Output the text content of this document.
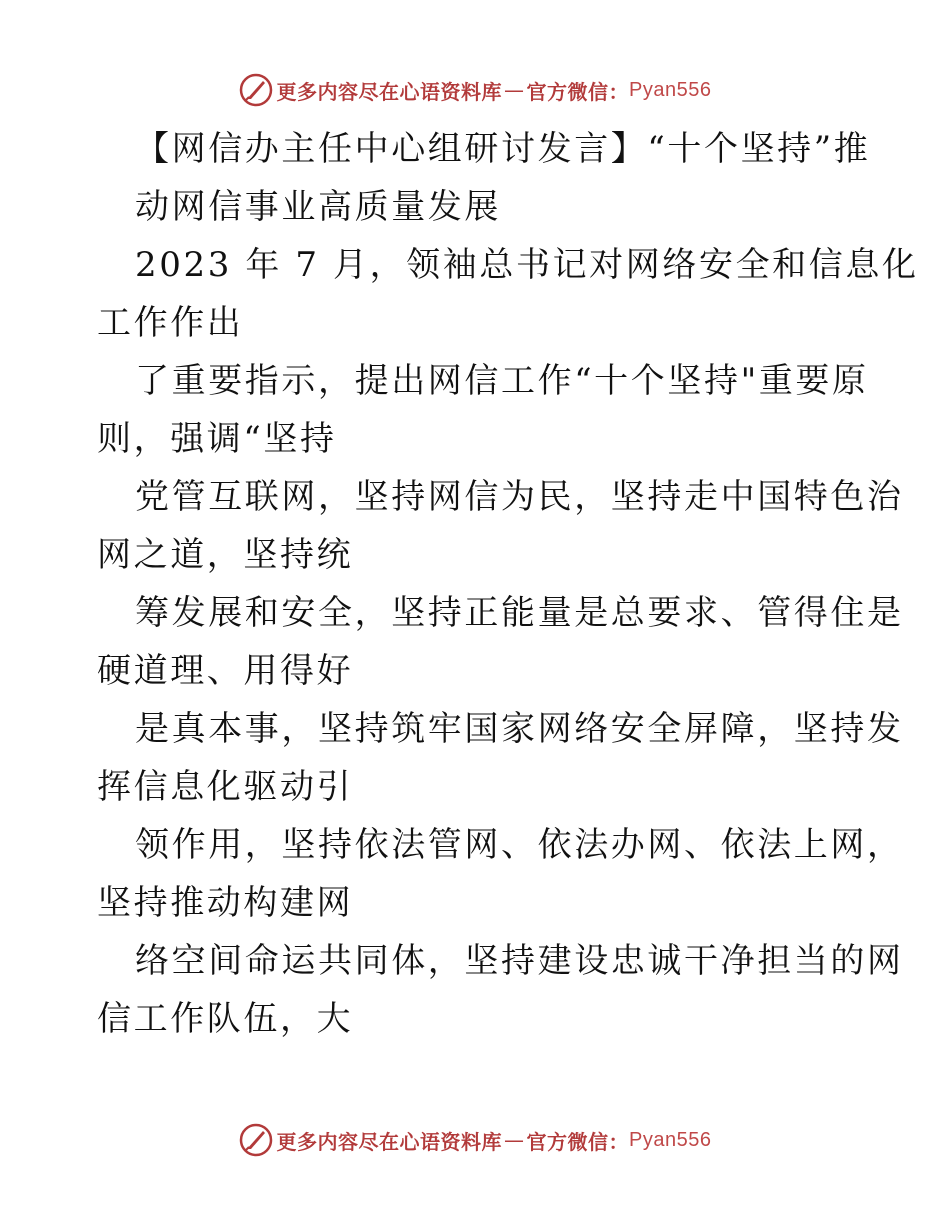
更多内容尽在心语资料库 — 官方微信： Pyan556
【网信办主任中心组研讨发言】“十个坚持”推
动网信事业高质量发展
2023 年 7 月，领袖总书记对网络安全和信息化
工作作出
了重要指示，提出网信工作“十个坚持"重要原
则，强调“坚持
党管互联网，坚持网信为民，坚持走中国特色治
网之道，坚持统
筹发展和安全，坚持正能量是总要求、管得住是
硬道理、用得好
是真本事，坚持筑牢国家网络安全屏障，坚持发
挥信息化驱动引
领作用，坚持依法管网、依法办网、依法上网，
坚持推动构建网
络空间命运共同体，坚持建设忠诚干净担当的网
信工作队伍，大
更多内容尽在心语资料库 — 官方微信： Pyan556
